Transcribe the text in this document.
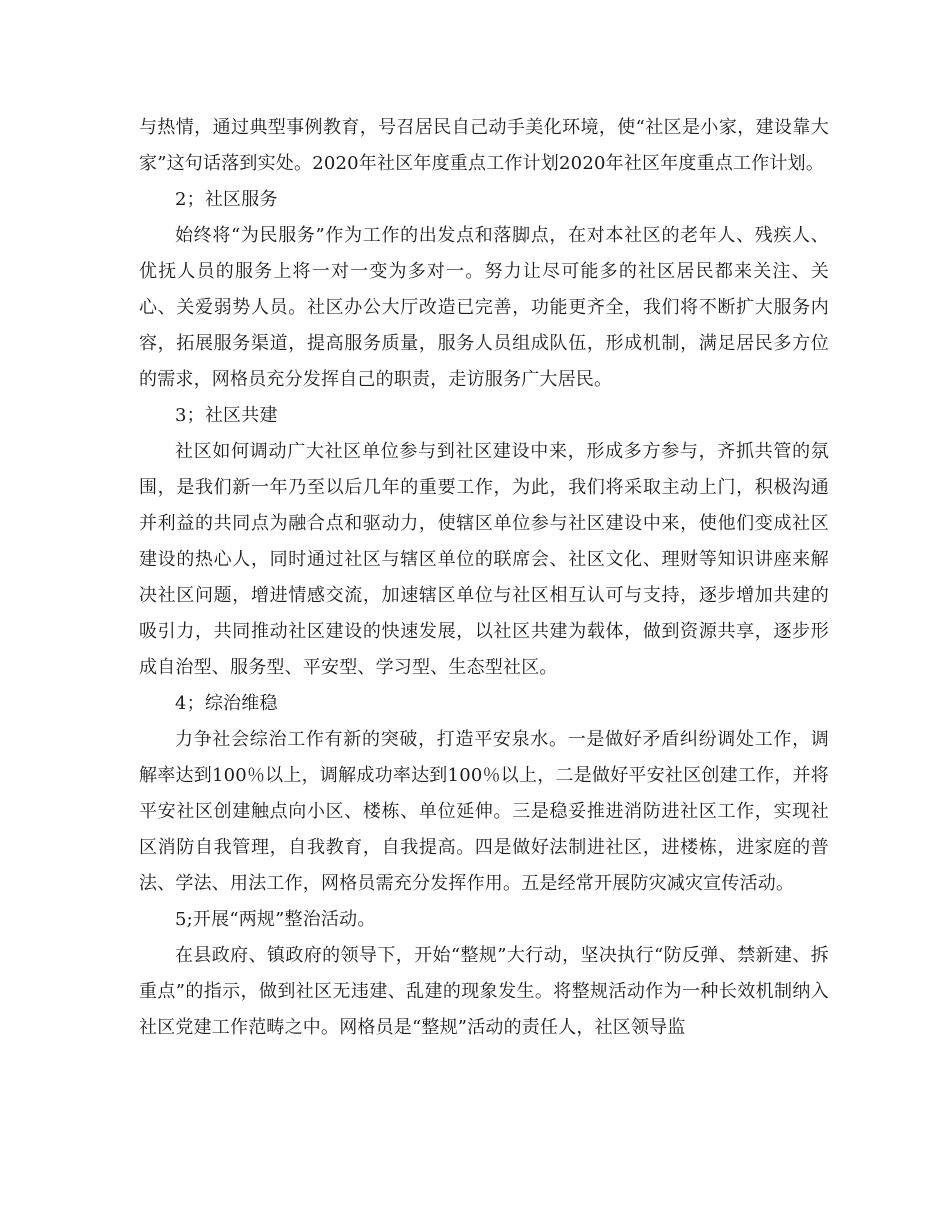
与热情，通过典型事例教育，号召居民自己动手美化环境，使“社区是小家，建设靠大家”这句话落到实处。2020年社区年度重点工作计划2020年社区年度重点工作计划。

2；社区服务

始终将“为民服务”作为工作的出发点和落脚点，在对本社区的老年人、残疾人、优抚人员的服务上将一对一变为多对一。努力让尽可能多的社区居民都来关注、关心、关爱弱势人员。社区办公大厅改造已完善，功能更齐全，我们将不断扩大服务内容，拓展服务渠道，提高服务质量，服务人员组成队伍，形成机制，满足居民多方位的需求，网格员充分发挥自己的职责，走访服务广大居民。

3；社区共建

社区如何调动广大社区单位参与到社区建设中来，形成多方参与，齐抓共管的氛围，是我们新一年乃至以后几年的重要工作，为此，我们将采取主动上门，积极沟通并利益的共同点为融合点和驱动力，使辖区单位参与社区建设中来，使他们变成社区建设的热心人，同时通过社区与辖区单位的联席会、社区文化、理财等知识讲座来解决社区问题，增进情感交流，加速辖区单位与社区相互认可与支持，逐步增加共建的吸引力，共同推动社区建设的快速发展，以社区共建为载体，做到资源共享，逐步形成自治型、服务型、平安型、学习型、生态型社区。

4；综治维稳

力争社会综治工作有新的突破，打造平安泉水。一是做好矛盾纠纷调处工作，调解率达到100％以上，调解成功率达到100％以上，二是做好平安社区创建工作，并将平安社区创建触点向小区、楼栋、单位延伸。三是稳妥推进消防进社区工作，实现社区消防自我管理，自我教育，自我提高。四是做好法制进社区，进楼栋，进家庭的普法、学法、用法工作，网格员需充分发挥作用。五是经常开展防灾减灾宣传活动。

5;开展“两规”整治活动。

在县政府、镇政府的领导下，开始“整规”大行动，坚决执行“防反弹、禁新建、拆重点”的指示，做到社区无违建、乱建的现象发生。将整规活动作为一种长效机制纳入社区党建工作范畴之中。网格员是“整规”活动的责任人，社区领导监
